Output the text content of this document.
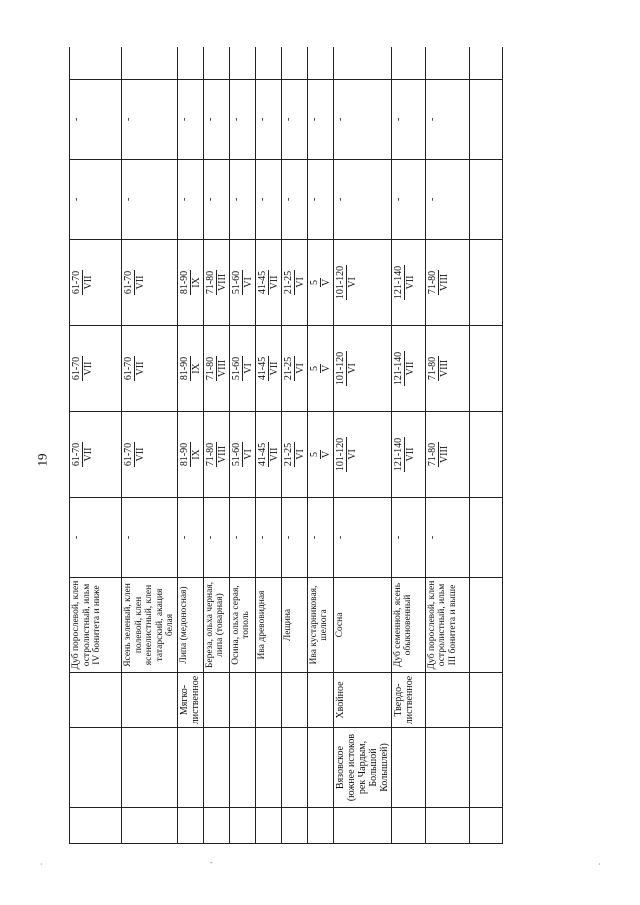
19
			Дуб порослевой, клен остролистный, ильм IV бонитета и ниже	-	61-70 VII	61-70 VII	61-70 VII	-	-	
			Ясень зеленый, клен полевой, клен ясенелистный, клен татарский, акация белая	-	61-70 VII	61-70 VII	61-70 VII	-	-	
		Мягко-лиственное	Липа (медоносная)	-	81-90 IX	81-90 IX	81-90 IX	-	-	
			Береза, ольха черная, липа (товарная)	-	71-80 VIII	71-80 VIII	71-80 VIII	-	-	
			Осина, ольха серая, тополь	-	51-60 VI	51-60 VI	51-60 VI	-	-	
			Ива древовидная	-	41-45 VII	41-45 VII	41-45 VII	-	-	
			Лещина	-	21-25 VI	21-25 VI	21-25 VI	-	-	
			Ива кустарниковая, шелюга	-	5 V	5 V	5 V	-	-	
	Вязовское (южнее истоков рек Чардым, Большой Колышлей)	Хвойное	Сосна	-	101-120 VI	101-120 VI	101-120 VI	-	-	
		Твердо-лиственное	Дуб семенной, ясень обыкновенный	-	121-140 VII	121-140 VII	121-140 VII	-	-	
			Дуб порослевой, клен остролистный, ильм III бонитета и выше	-	71-80 VIII	71-80 VIII	71-80 VIII	-	-	

·	-	·
